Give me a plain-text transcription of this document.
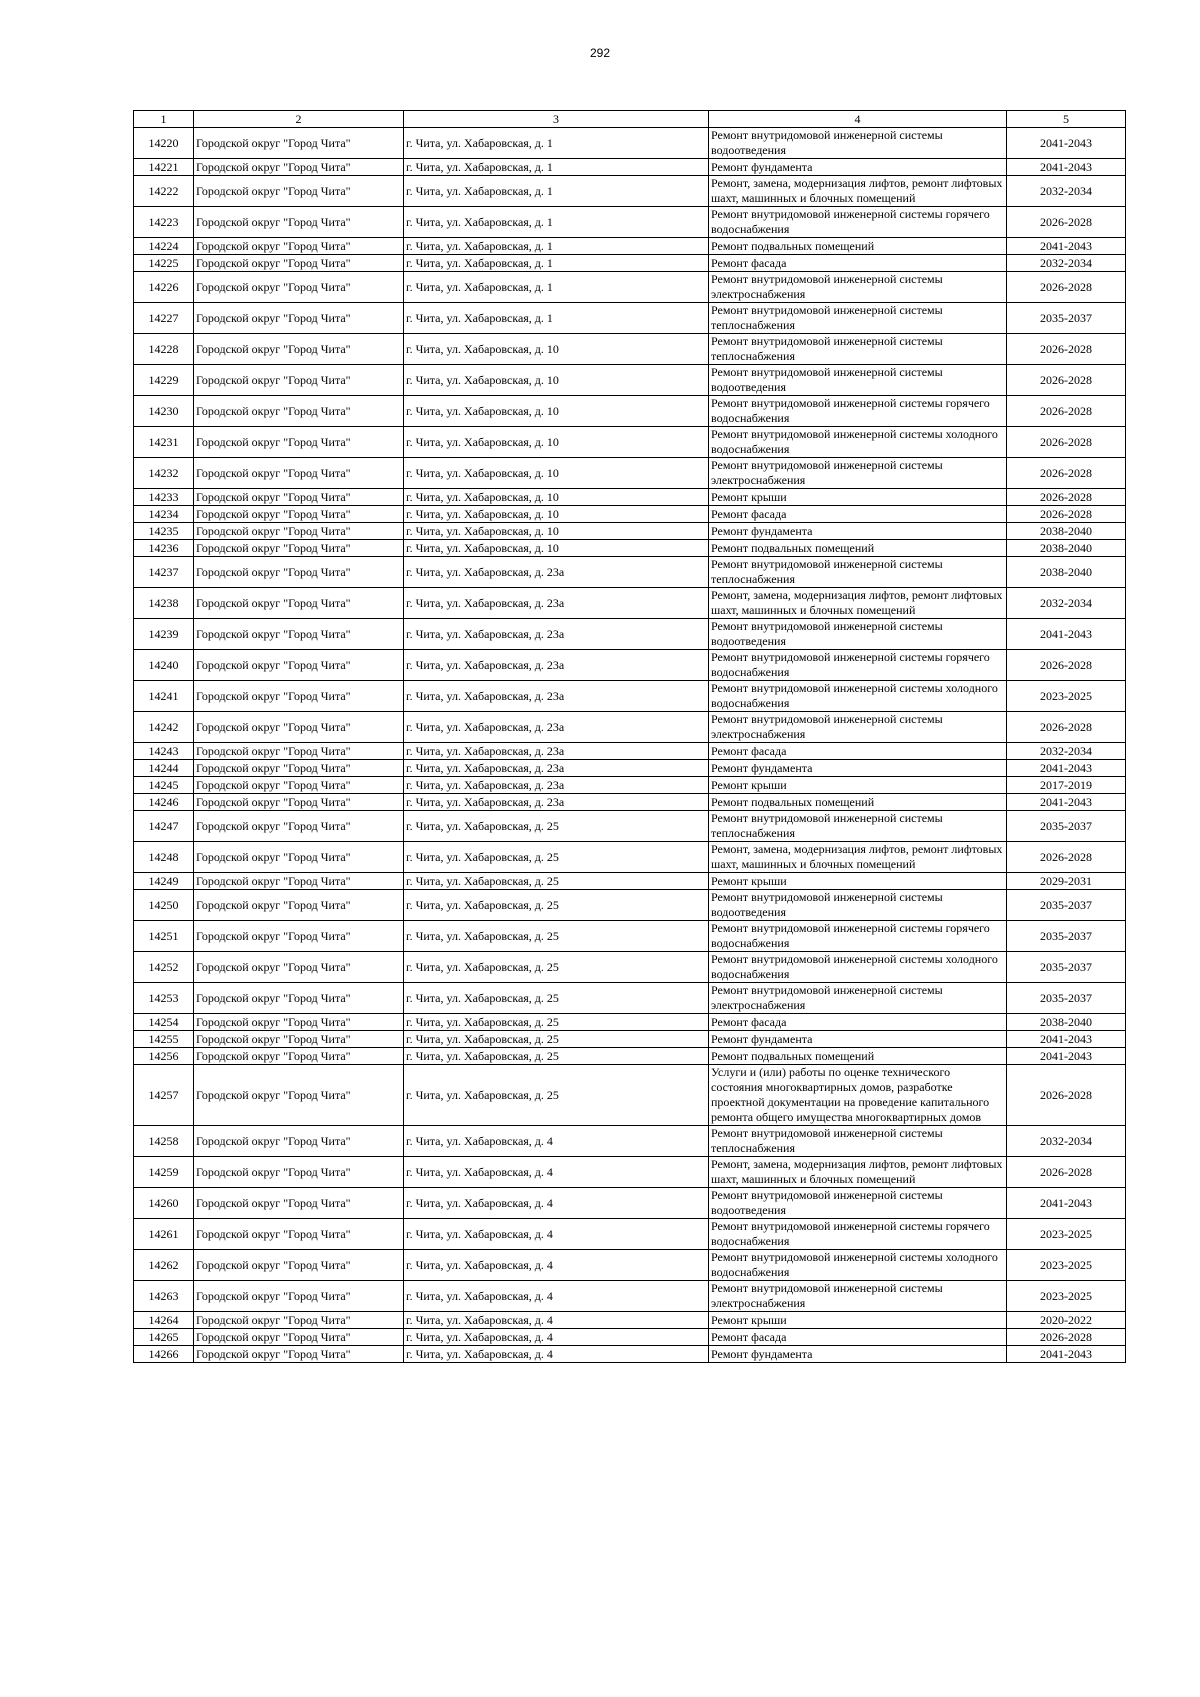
292
1	2	3	4	5
14220	Городской округ "Город Чита"	г. Чита, ул. Хабаровская, д. 1	Ремонт внутридомовой инженерной системы водоотведения	2041-2043
14221	Городской округ "Город Чита"	г. Чита, ул. Хабаровская, д. 1	Ремонт фундамента	2041-2043
14222	Городской округ "Город Чита"	г. Чита, ул. Хабаровская, д. 1	Ремонт, замена, модернизация лифтов, ремонт лифтовых шахт, машинных и блочных помещений	2032-2034
14223	Городской округ "Город Чита"	г. Чита, ул. Хабаровская, д. 1	Ремонт внутридомовой инженерной системы горячего водоснабжения	2026-2028
14224	Городской округ "Город Чита"	г. Чита, ул. Хабаровская, д. 1	Ремонт подвальных помещений	2041-2043
14225	Городской округ "Город Чита"	г. Чита, ул. Хабаровская, д. 1	Ремонт фасада	2032-2034
14226	Городской округ "Город Чита"	г. Чита, ул. Хабаровская, д. 1	Ремонт внутридомовой инженерной системы электроснабжения	2026-2028
14227	Городской округ "Город Чита"	г. Чита, ул. Хабаровская, д. 1	Ремонт внутридомовой инженерной системы теплоснабжения	2035-2037
14228	Городской округ "Город Чита"	г. Чита, ул. Хабаровская, д. 10	Ремонт внутридомовой инженерной системы теплоснабжения	2026-2028
14229	Городской округ "Город Чита"	г. Чита, ул. Хабаровская, д. 10	Ремонт внутридомовой инженерной системы водоотведения	2026-2028
14230	Городской округ "Город Чита"	г. Чита, ул. Хабаровская, д. 10	Ремонт внутридомовой инженерной системы горячего водоснабжения	2026-2028
14231	Городской округ "Город Чита"	г. Чита, ул. Хабаровская, д. 10	Ремонт внутридомовой инженерной системы холодного водоснабжения	2026-2028
14232	Городской округ "Город Чита"	г. Чита, ул. Хабаровская, д. 10	Ремонт внутридомовой инженерной системы электроснабжения	2026-2028
14233	Городской округ "Город Чита"	г. Чита, ул. Хабаровская, д. 10	Ремонт крыши	2026-2028
14234	Городской округ "Город Чита"	г. Чита, ул. Хабаровская, д. 10	Ремонт фасада	2026-2028
14235	Городской округ "Город Чита"	г. Чита, ул. Хабаровская, д. 10	Ремонт фундамента	2038-2040
14236	Городской округ "Город Чита"	г. Чита, ул. Хабаровская, д. 10	Ремонт подвальных помещений	2038-2040
14237	Городской округ "Город Чита"	г. Чита, ул. Хабаровская, д. 23а	Ремонт внутридомовой инженерной системы теплоснабжения	2038-2040
14238	Городской округ "Город Чита"	г. Чита, ул. Хабаровская, д. 23а	Ремонт, замена, модернизация лифтов, ремонт лифтовых шахт, машинных и блочных помещений	2032-2034
14239	Городской округ "Город Чита"	г. Чита, ул. Хабаровская, д. 23а	Ремонт внутридомовой инженерной системы водоотведения	2041-2043
14240	Городской округ "Город Чита"	г. Чита, ул. Хабаровская, д. 23а	Ремонт внутридомовой инженерной системы горячего водоснабжения	2026-2028
14241	Городской округ "Город Чита"	г. Чита, ул. Хабаровская, д. 23а	Ремонт внутридомовой инженерной системы холодного водоснабжения	2023-2025
14242	Городской округ "Город Чита"	г. Чита, ул. Хабаровская, д. 23а	Ремонт внутридомовой инженерной системы электроснабжения	2026-2028
14243	Городской округ "Город Чита"	г. Чита, ул. Хабаровская, д. 23а	Ремонт фасада	2032-2034
14244	Городской округ "Город Чита"	г. Чита, ул. Хабаровская, д. 23а	Ремонт фундамента	2041-2043
14245	Городской округ "Город Чита"	г. Чита, ул. Хабаровская, д. 23а	Ремонт крыши	2017-2019
14246	Городской округ "Город Чита"	г. Чита, ул. Хабаровская, д. 23а	Ремонт подвальных помещений	2041-2043
14247	Городской округ "Город Чита"	г. Чита, ул. Хабаровская, д. 25	Ремонт внутридомовой инженерной системы теплоснабжения	2035-2037
14248	Городской округ "Город Чита"	г. Чита, ул. Хабаровская, д. 25	Ремонт, замена, модернизация лифтов, ремонт лифтовых шахт, машинных и блочных помещений	2026-2028
14249	Городской округ "Город Чита"	г. Чита, ул. Хабаровская, д. 25	Ремонт крыши	2029-2031
14250	Городской округ "Город Чита"	г. Чита, ул. Хабаровская, д. 25	Ремонт внутридомовой инженерной системы водоотведения	2035-2037
14251	Городской округ "Город Чита"	г. Чита, ул. Хабаровская, д. 25	Ремонт внутридомовой инженерной системы горячего водоснабжения	2035-2037
14252	Городской округ "Город Чита"	г. Чита, ул. Хабаровская, д. 25	Ремонт внутридомовой инженерной системы холодного водоснабжения	2035-2037
14253	Городской округ "Город Чита"	г. Чита, ул. Хабаровская, д. 25	Ремонт внутридомовой инженерной системы электроснабжения	2035-2037
14254	Городской округ "Город Чита"	г. Чита, ул. Хабаровская, д. 25	Ремонт фасада	2038-2040
14255	Городской округ "Город Чита"	г. Чита, ул. Хабаровская, д. 25	Ремонт фундамента	2041-2043
14256	Городской округ "Город Чита"	г. Чита, ул. Хабаровская, д. 25	Ремонт подвальных помещений	2041-2043
14257	Городской округ "Город Чита"	г. Чита, ул. Хабаровская, д. 25	Услуги и (или) работы по оценке технического состояния многоквартирных домов, разработке проектной документации на проведение капитального ремонта общего имущества многоквартирных домов	2026-2028
14258	Городской округ "Город Чита"	г. Чита, ул. Хабаровская, д. 4	Ремонт внутридомовой инженерной системы теплоснабжения	2032-2034
14259	Городской округ "Город Чита"	г. Чита, ул. Хабаровская, д. 4	Ремонт, замена, модернизация лифтов, ремонт лифтовых шахт, машинных и блочных помещений	2026-2028
14260	Городской округ "Город Чита"	г. Чита, ул. Хабаровская, д. 4	Ремонт внутридомовой инженерной системы водоотведения	2041-2043
14261	Городской округ "Город Чита"	г. Чита, ул. Хабаровская, д. 4	Ремонт внутридомовой инженерной системы горячего водоснабжения	2023-2025
14262	Городской округ "Город Чита"	г. Чита, ул. Хабаровская, д. 4	Ремонт внутридомовой инженерной системы холодного водоснабжения	2023-2025
14263	Городской округ "Город Чита"	г. Чита, ул. Хабаровская, д. 4	Ремонт внутридомовой инженерной системы электроснабжения	2023-2025
14264	Городской округ "Город Чита"	г. Чита, ул. Хабаровская, д. 4	Ремонт крыши	2020-2022
14265	Городской округ "Город Чита"	г. Чита, ул. Хабаровская, д. 4	Ремонт фасада	2026-2028
14266	Городской округ "Город Чита"	г. Чита, ул. Хабаровская, д. 4	Ремонт фундамента	2041-2043
